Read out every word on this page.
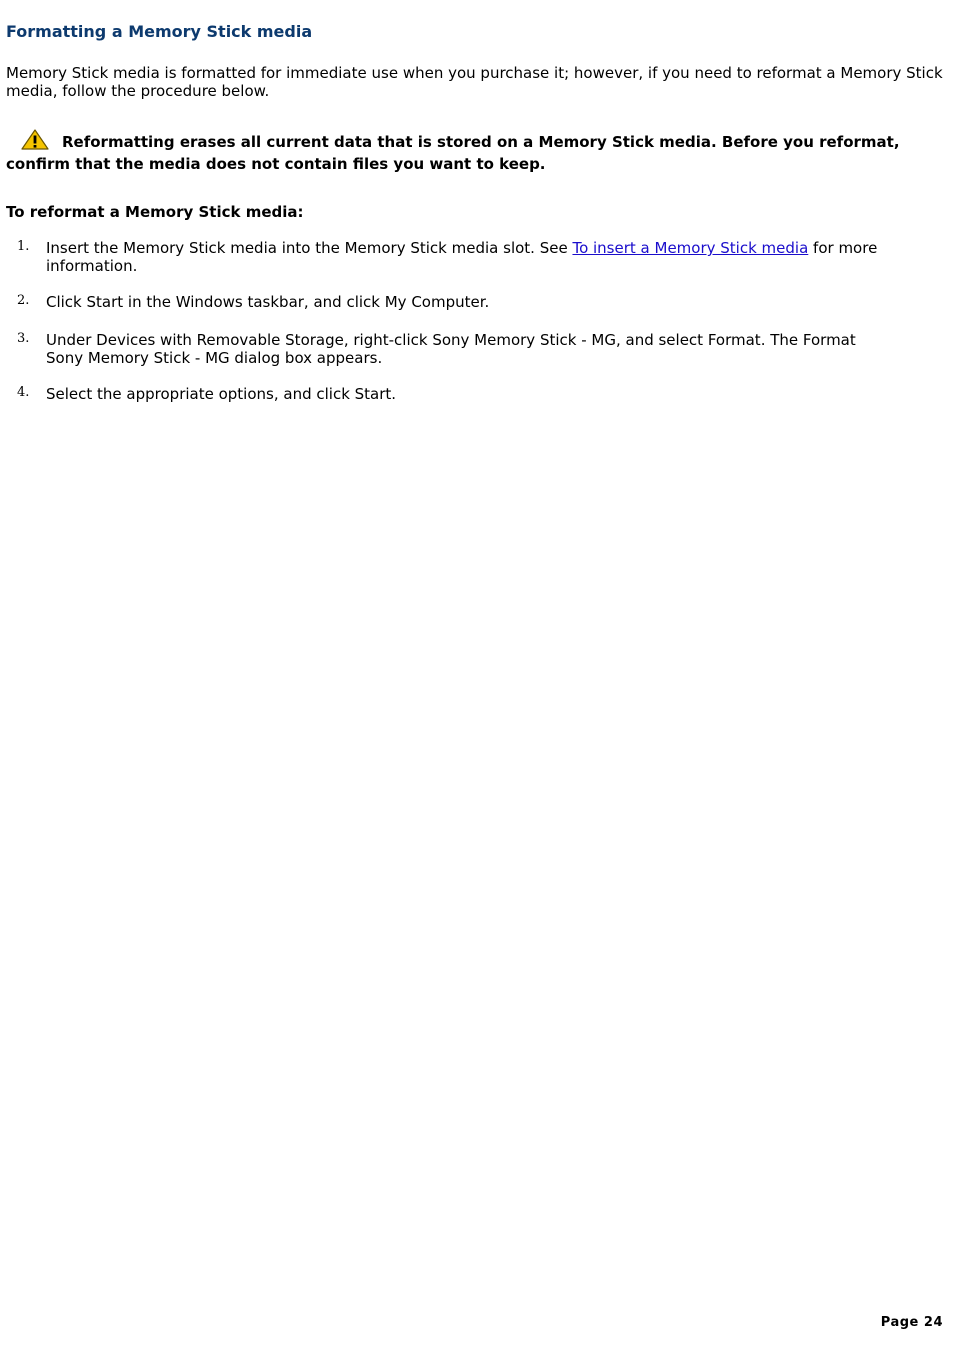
Formatting a Memory Stick media

Memory Stick media is formatted for immediate use when you purchase it; however, if you need to reformat a Memory Stick media, follow the procedure below.

Reformatting erases all current data that is stored on a Memory Stick media. Before you reformat, confirm that the media does not contain files you want to keep.

To reformat a Memory Stick media:

1. Insert the Memory Stick media into the Memory Stick media slot. See To insert a Memory Stick media for more information.
2. Click Start in the Windows taskbar, and click My Computer.
3. Under Devices with Removable Storage, right-click Sony Memory Stick - MG, and select Format. The Format Sony Memory Stick - MG dialog box appears.
4. Select the appropriate options, and click Start.
Page 24
